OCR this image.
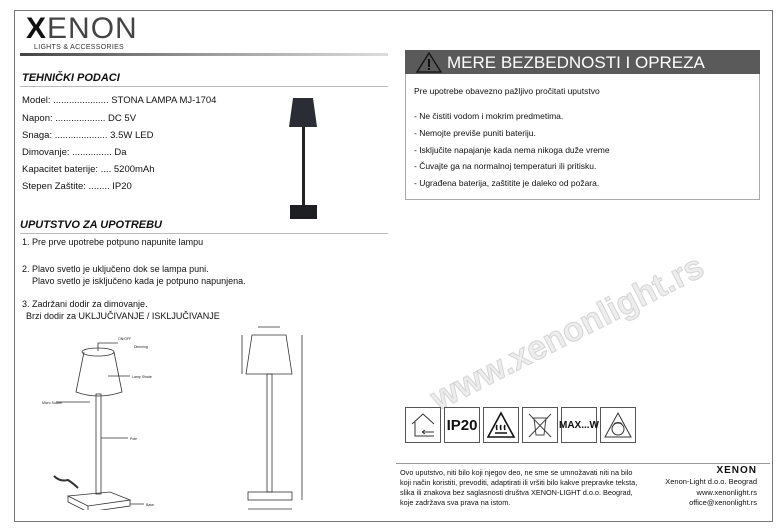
XENON
LIGHTS & ACCESSORIES
TEHNIČKI PODACI
Model: ..................... STONA LAMPA MJ-1704
Napon: ................... DC 5V
Snaga: .................... 3.5W LED
Dimovanje: ............... Da
Kapacitet baterije: .... 5200mAh
Stepen Zaštite: ........ IP20
UPUTSTVO ZA UPOTREBU
1. Pre prve upotrebe potpuno napunite lampu
2. Plavo svetlo je uključeno dok se lampa puni.
Plavo svetlo je isključeno kada je potpuno napunjena.
3. Zadržani dodir za dimovanje.
Brzi dodir za UKLJUČIVANJE / ISKLJUČIVANJE
ON/OFF
Dimming
Lamp Shade
Micro Socket
Pole
Base
MERE BEZBEDNOSTI I OPREZA
Pre upotrebe obavezno pažljivo pročitati uputstvo
- Ne čistiti vodom i mokrim predmetima.
- Nemojte previše puniti bateriju.
- Isključite napajanje kada nema nikoga duže vreme
- Čuvajte ga na normalnoj temperaturi ili pritisku.
- Ugrađena baterija, zaštitite je daleko od požara.
www.xenonlight.rs
IP20	MAX...W
Ovo uputstvo, niti bilo koji njegov deo, ne sme se umnožavati niti na bilo koji način koristiti, prevoditi, adaptirati ili vršiti bilo kakve prepravke teksta, slika ili znakova bez saglasnosti društva XENON-LIGHT d.o.o. Beograd, koje zadržava sva prava na istom.
XENON
Xenon-Light d.o.o. Beograd
www.xenonlight.rs
office@xenonlight.rs
